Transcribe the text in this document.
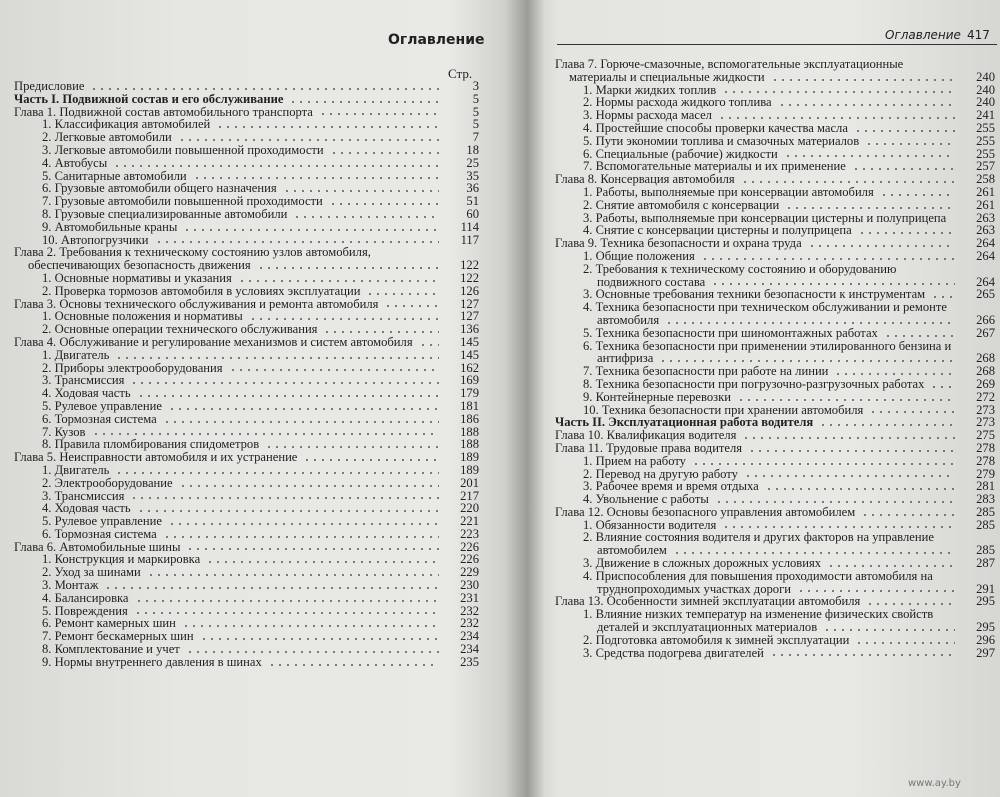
Оглавление
Стр.
Предисловие	3
Часть I. Подвижной состав и его обслуживание	5
Глава 1. Подвижной состав автомобильного транспорта	5
1. Классификация автомобилей	5
2. Легковые автомобили	7
3. Легковые автомобили повышенной проходимости	18
4. Автобусы	25
5. Санитарные автомобили	35
6. Грузовые автомобили общего назначения	36
7. Грузовые автомобили повышенной проходимости	51
8. Грузовые специализированные автомобили	60
9. Автомобильные краны	114
10. Автопогрузчики	117
Глава 2. Требования к техническому состоянию узлов автомобиля, обеспечивающих безопасность движения	122
1. Основные нормативы и указания	122
2. Проверка тормозов автомобиля в условиях эксплуатации	126
Глава 3. Основы технического обслуживания и ремонта автомобиля	127
1. Основные положения и нормативы	127
2. Основные операции технического обслуживания	136
Глава 4. Обслуживание и регулирование механизмов и систем автомобиля	145
1. Двигатель	145
2. Приборы электрооборудования	162
3. Трансмиссия	169
4. Ходовая часть	179
5. Рулевое управление	181
6. Тормозная система	186
7. Кузов	188
8. Правила пломбирования спидометров	188
Глава 5. Неисправности автомобиля и их устранение	189
1. Двигатель	189
2. Электрооборудование	201
3. Трансмиссия	217
4. Ходовая часть	220
5. Рулевое управление	221
6. Тормозная система	223
Глава 6. Автомобильные шины	226
1. Конструкция и маркировка	226
2. Уход за шинами	229
3. Монтаж	230
4. Балансировка	231
5. Повреждения	232
6. Ремонт камерных шин	232
7. Ремонт бескамерных шин	234
8. Комплектование и учет	234
9. Нормы внутреннего давления в шинах	235
Оглавление 417
Глава 7. Горюче-смазочные, вспомогательные эксплуатационные материалы и специальные жидкости	240
1. Марки жидких топлив	240
2. Нормы расхода жидкого топлива	240
3. Нормы расхода масел	241
4. Простейшие способы проверки качества масла	255
5. Пути экономии топлива и смазочных материалов	255
6. Специальные (рабочие) жидкости	255
7. Вспомогательные материалы и их применение	257
Глава 8. Консервация автомобиля	258
1. Работы, выполняемые при консервации автомобиля	261
2. Снятие автомобиля с консервации	261
3. Работы, выполняемые при консервации цистерны и полуприцепа	263
4. Снятие с консервации цистерны и полуприцепа	263
Глава 9. Техника безопасности и охрана труда	264
1. Общие положения	264
2. Требования к техническому состоянию и оборудованию подвижного состава	264
3. Основные требования техники безопасности к инструментам	265
4. Техника безопасности при техническом обслуживании и ремонте автомобиля	266
5. Техника безопасности при шиномонтажных работах	267
6. Техника безопасности при применении этилированного бензина и антифриза	268
7. Техника безопасности при работе на линии	268
8. Техника безопасности при погрузочно-разгрузочных работах	269
9. Контейнерные перевозки	272
10. Техника безопасности при хранении автомобиля	273
Часть II. Эксплуатационная работа водителя	273
Глава 10. Квалификация водителя	275
Глава 11. Трудовые права водителя	278
1. Прием на работу	278
2. Перевод на другую работу	279
3. Рабочее время и время отдыха	281
4. Увольнение с работы	283
Глава 12. Основы безопасного управления автомобилем	285
1. Обязанности водителя	285
2. Влияние состояния водителя и других факторов на управление автомобилем	285
3. Движение в сложных дорожных условиях	287
4. Приспособления для повышения проходимости автомобиля на труднопроходимых участках дороги	291
Глава 13. Особенности зимней эксплуатации автомобиля	295
1. Влияние низких температур на изменение физических свойств деталей и эксплуатационных материалов	295
2. Подготовка автомобиля к зимней эксплуатации	296
3. Средства подогрева двигателей	297
www.ay.by
